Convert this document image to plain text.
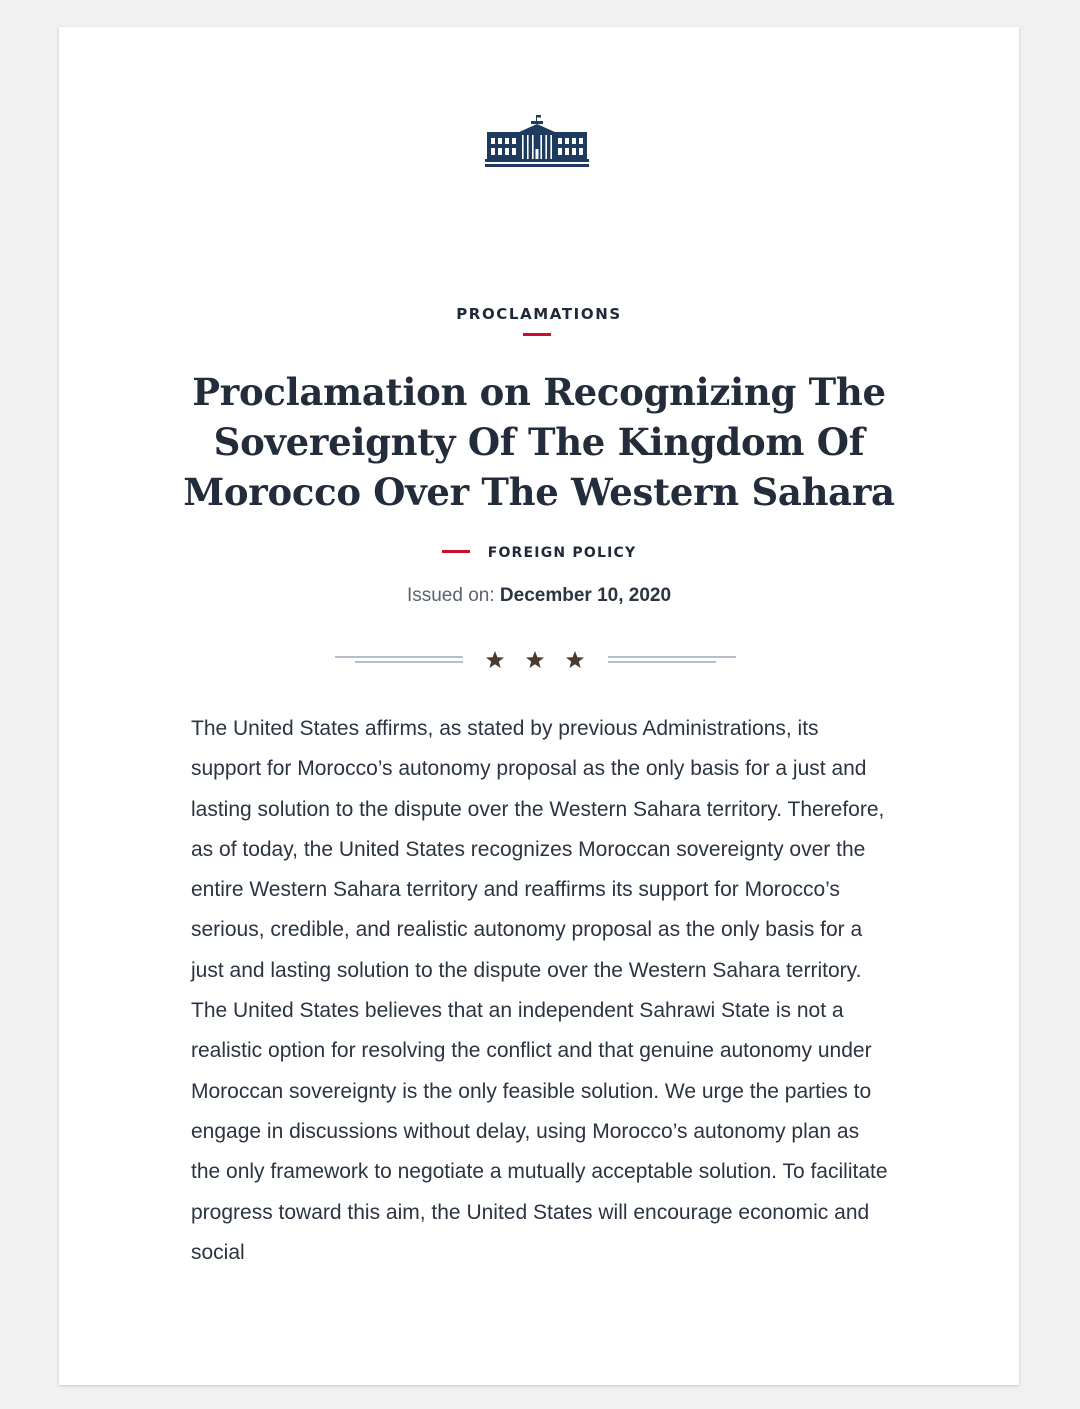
PROCLAMATIONS
Proclamation on Recognizing The Sovereignty Of The Kingdom Of Morocco Over The Western Sahara
FOREIGN POLICY
Issued on: December 10, 2020

The United States affirms, as stated by previous Administrations, its support for Morocco’s autonomy proposal as the only basis for a just and lasting solution to the dispute over the Western Sahara territory. Therefore, as of today, the United States recognizes Moroccan sovereignty over the entire Western Sahara territory and reaffirms its support for Morocco’s serious, credible, and realistic autonomy proposal as the only basis for a just and lasting solution to the dispute over the Western Sahara territory. The United States believes that an independent Sahrawi State is not a realistic option for resolving the conflict and that genuine autonomy under Moroccan sovereignty is the only feasible solution. We urge the parties to engage in discussions without delay, using Morocco’s autonomy plan as the only framework to negotiate a mutually acceptable solution. To facilitate progress toward this aim, the United States will encourage economic and social
